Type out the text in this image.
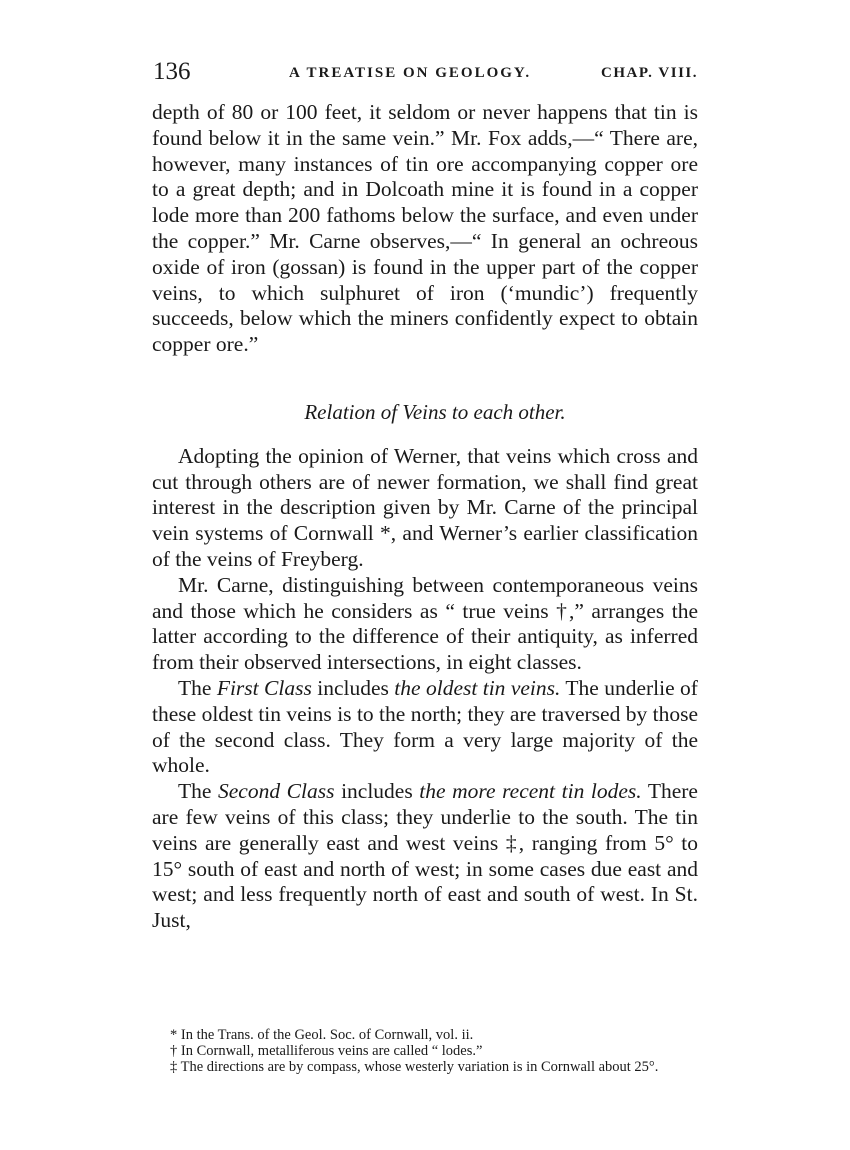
136	A TREATISE ON GEOLOGY.	CHAP. VIII.

depth of 80 or 100 feet, it seldom or never happens that tin is found below it in the same vein.” Mr. Fox adds,—“ There are, however, many instances of tin ore accompanying copper ore to a great depth; and in Dolcoath mine it is found in a copper lode more than 200 fathoms below the surface, and even under the copper.” Mr. Carne observes,—“ In general an ochreous oxide of iron (gossan) is found in the upper part of the copper veins, to which sulphuret of iron (‘mundic’) frequently succeeds, below which the miners confidently expect to obtain copper ore.”

Relation of Veins to each other.

Adopting the opinion of Werner, that veins which cross and cut through others are of newer formation, we shall find great interest in the description given by Mr. Carne of the principal vein systems of Cornwall *, and Werner’s earlier classification of the veins of Freyberg.

Mr. Carne, distinguishing between contemporaneous veins and those which he considers as “ true veins †,” arranges the latter according to the difference of their antiquity, as inferred from their observed intersections, in eight classes.

The First Class includes the oldest tin veins. The underlie of these oldest tin veins is to the north; they are traversed by those of the second class. They form a very large majority of the whole.

The Second Class includes the more recent tin lodes. There are few veins of this class; they underlie to the south. The tin veins are generally east and west veins ‡, ranging from 5° to 15° south of east and north of west; in some cases due east and west; and less frequently north of east and south of west. In St. Just,

* In the Trans. of the Geol. Soc. of Cornwall, vol. ii.

† In Cornwall, metalliferous veins are called “ lodes.”

‡ The directions are by compass, whose westerly variation is in Cornwall about 25°.
